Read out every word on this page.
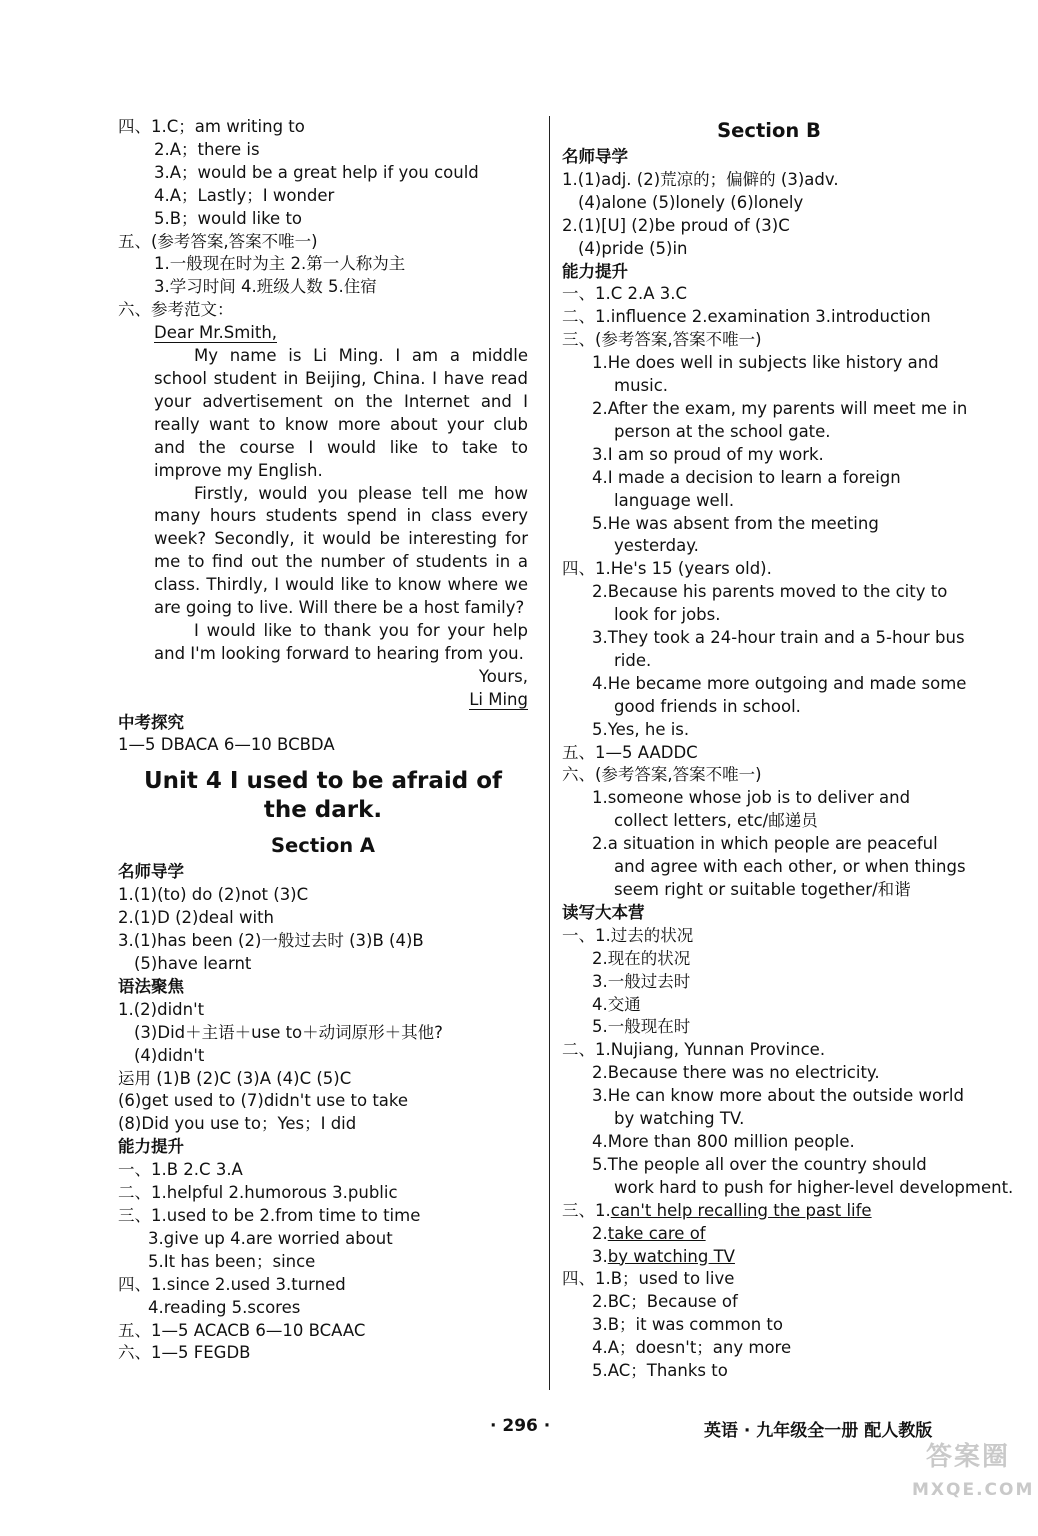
四、1.C；am writing to
2.A；there is
3.A；would be a great help if you could
4.A；Lastly；I wonder
5.B；would like to
五、(参考答案,答案不唯一)
1.一般现在时为主 2.第一人称为主
3.学习时间 4.班级人数 5.住宿
六、参考范文：
Dear Mr.Smith,
My name is Li Ming. I am a middle school student in Beijing, China. I have read your advertisement on the Internet and I really want to know more about your club and the course I would like to take to improve my English.
Firstly, would you please tell me how many hours students spend in class every week? Secondly, it would be interesting for me to find out the number of students in a class. Thirdly, I would like to know where we are going to live. Will there be a host family?
I would like to thank you for your help and I'm looking forward to hearing from you.
Yours,
Li Ming
中考探究
1—5 DBACA 6—10 BCBDA
Unit 4 I used to be afraid of
the dark.
Section A
名师导学
1.(1)(to) do (2)not (3)C
2.(1)D (2)deal with
3.(1)has been (2)一般过去时 (3)B (4)B
(5)have learnt
语法聚焦
1.(2)didn't
(3)Did＋主语＋use to＋动词原形＋其他?
(4)didn't
运用 (1)B (2)C (3)A (4)C (5)C
(6)get used to (7)didn't use to take
(8)Did you use to；Yes；I did
能力提升
一、1.B 2.C 3.A
二、1.helpful 2.humorous 3.public
三、1.used to be 2.from time to time
3.give up 4.are worried about
5.It has been；since
四、1.since 2.used 3.turned
4.reading 5.scores
五、1—5 ACACB 6—10 BCAAC
六、1—5 FEGDB
Section B
名师导学
1.(1)adj. (2)荒凉的；偏僻的 (3)adv.
(4)alone (5)lonely (6)lonely
2.(1)[U] (2)be proud of (3)C
(4)pride (5)in
能力提升
一、1.C 2.A 3.C
二、1.influence 2.examination 3.introduction
三、(参考答案,答案不唯一)
1.He does well in subjects like history and
music.
2.After the exam, my parents will meet me in
person at the school gate.
3.I am so proud of my work.
4.I made a decision to learn a foreign
language well.
5.He was absent from the meeting
yesterday.
四、1.He's 15 (years old).
2.Because his parents moved to the city to
look for jobs.
3.They took a 24-hour train and a 5-hour bus
ride.
4.He became more outgoing and made some
good friends in school.
5.Yes, he is.
五、1—5 AADDC
六、(参考答案,答案不唯一)
1.someone whose job is to deliver and
collect letters, etc/邮递员
2.a situation in which people are peaceful
and agree with each other, or when things
seem right or suitable together/和谐
读写大本营
一、1.过去的状况
2.现在的状况
3.一般过去时
4.交通
5.一般现在时
二、1.Nujiang, Yunnan Province.
2.Because there was no electricity.
3.He can know more about the outside world
by watching TV.
4.More than 800 million people.
5.The people all over the country should
work hard to push for higher-level development.
三、1.can't help recalling the past life
2.take care of
3.by watching TV
四、1.B；used to live
2.BC；Because of
3.B；it was common to
4.A；doesn't；any more
5.AC；Thanks to
· 296 ·	英语 · 九年级全一册 配人教版
答案圈
MXQE.COM
